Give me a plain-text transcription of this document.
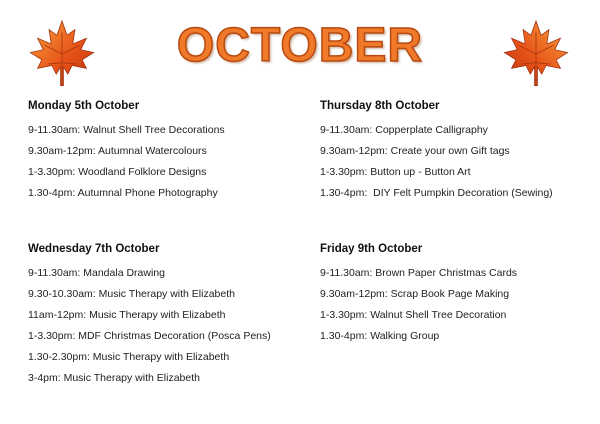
OCTOBER
Monday 5th October
9-11.30am: Walnut Shell Tree Decorations
9.30am-12pm: Autumnal Watercolours
1-3.30pm: Woodland Folklore Designs
1.30-4pm: Autumnal Phone Photography
Thursday 8th October
9-11.30am: Copperplate Calligraphy
9.30am-12pm: Create your own Gift tags
1-3.30pm: Button up - Button Art
1.30-4pm:  DIY Felt Pumpkin Decoration (Sewing)
Wednesday 7th October
9-11.30am: Mandala Drawing
9.30-10.30am: Music Therapy with Elizabeth
11am-12pm: Music Therapy with Elizabeth
1-3.30pm: MDF Christmas Decoration (Posca Pens)
1.30-2.30pm: Music Therapy with Elizabeth
3-4pm: Music Therapy with Elizabeth
Friday 9th October
9-11.30am: Brown Paper Christmas Cards
9.30am-12pm: Scrap Book Page Making
1-3.30pm: Walnut Shell Tree Decoration
1.30-4pm: Walking Group
